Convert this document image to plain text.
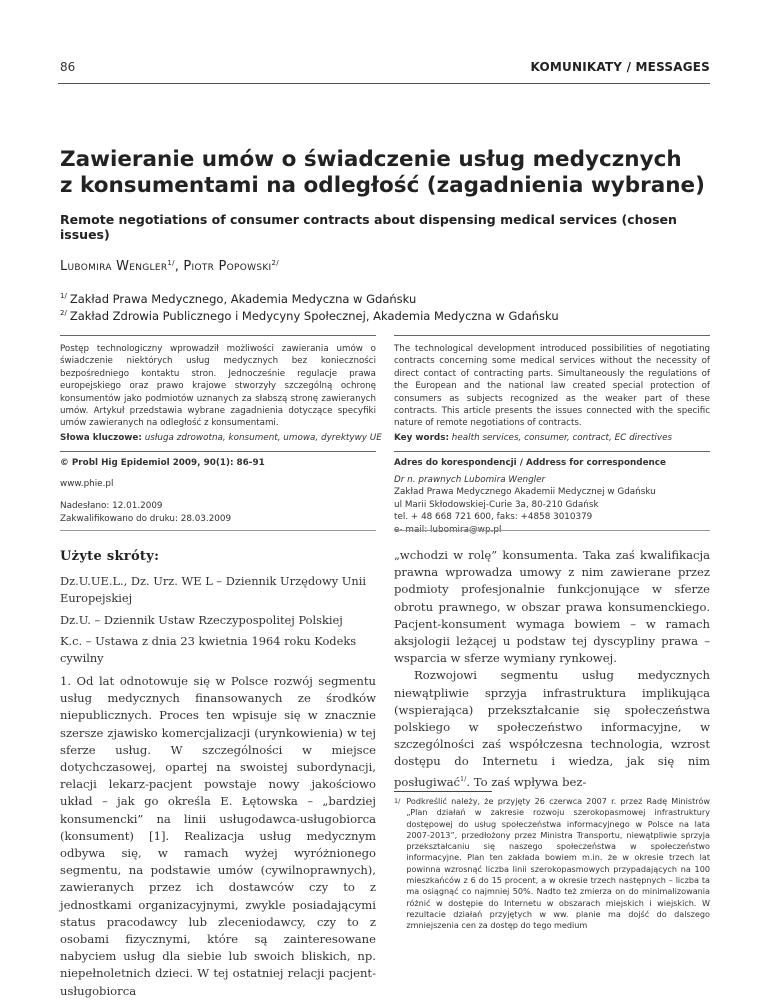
86	KOMUNIKATY / MESSAGES
Zawieranie umów o świadczenie usług medycznych
z konsumentami na odległość (zagadnienia wybrane)
Remote negotiations of consumer contracts about dispensing medical services (chosen issues)
Lubomira Wengler$^{1/}$, Piotr Popowski$^{2/}$
$^{1/}$ Zakład Prawa Medycznego, Akademia Medyczna w Gdańsku
$^{2/}$ Zakład Zdrowia Publicznego i Medycyny Społecznej, Akademia Medyczna w Gdańsku
Postęp technologiczny wprowadził możliwości zawierania umów o świadczenie niektórych usług medycznych bez konieczności bezpośredniego kontaktu stron. Jednocześnie regulacje prawa europejskiego oraz prawo krajowe stworzyły szczególną ochronę konsumentów jako podmiotów uznanych za słabszą stronę zawieranych umów. Artykuł przedstawia wybrane zagadnienia dotyczące specyfiki umów zawieranych na odległość z konsumentami.
The technological development introduced possibilities of negotiating contracts concerning some medical services without the necessity of direct contact of contracting parts. Simultaneously the regulations of the European and the national law created special protection of consumers as subjects recognized as the weaker part of these contracts. This article presents the issues connected with the specific nature of remote negotiations of contracts.
Słowa kluczowe: usługa zdrowotna, konsument, umowa, dyrektywy UE Key words: health services, consumer, contract, EC directives
© Probl Hig Epidemiol 2009, 90(1): 86-91
www.phie.pl
Nadesłano: 12.01.2009
Zakwalifikowano do druku: 28.03.2009
Adres do korespondencji / Address for correspondence
Dr n. prawnych Lubomira Wengler
Zakład Prawa Medycznego Akademii Medycznej w Gdańsku
ul Marii Skłodowskiej-Curie 3a, 80-210 Gdańsk
tel. + 48 668 721 600, faks: +4858 3010379
Użyte skróty:
Dz.U.UE.L., Dz. Urz. WE L – Dziennik Urzędowy Unii Europejskiej
Dz.U. – Dziennik Ustaw Rzeczypospolitej Polskiej
K.c. – Ustawa z dnia 23 kwietnia 1964 roku Kodeks cywilny
1. Od lat odnotowuje się w Polsce rozwój segmentu usług medycznych finansowanych ze środków niepublicznych. Proces ten wpisuje się w znacznie szersze zjawisko komercjalizacji (urynkowienia) w tej sferze usług. W szczególności w miejsce dotychczasowej, opartej na swoistej subordynacji, relacji lekarz-pacjent powstaje nowy jakościowo układ – jak go określa E. Łętowska – „bardziej konsumencki” na linii usługodawca-usługobiorca (konsument) [1]. Realizacja usług medycznym odbywa się, w ramach wyżej wyróżnionego segmentu, na podstawie umów (cywilnoprawnych), zawieranych przez ich dostawców czy to z jednostkami organizacyjnymi, zwykle posiadającymi status pracodawcy lub zleceniodawcy, czy to z osobami fizycznymi, które są zainteresowane nabyciem usług dla siebie lub swoich bliskich, np. niepełnoletnich dzieci. W tej ostatniej relacji pacjent-usługobiorca
„wchodzi w rolę” konsumenta. Taka zaś kwalifikacja prawna wprowadza umowy z nim zawierane przez podmioty profesjonalnie funkcjonujące w sferze obrotu prawnego, w obszar prawa konsumenckiego. Pacjent-konsument wymaga bowiem – w ramach aksjologii leżącej u podstaw tej dyscypliny prawa – wsparcia w sferze wymiany rynkowej.
Rozwojowi segmentu usług medycznych niewątpliwie sprzyja infrastruktura implikująca (wspierająca) przekształcanie się społeczeństwa polskiego w społeczeństwo informacyjne, w szczególności zaś współczesna technologia, wzrost dostępu do Internetu i wiedza, jak się nim posługiwać$^{1/}$. To zaś wpływa bez-
1/ Podkreślić należy, że przyjęty 26 czerwca 2007 r. przez Radę Ministrów „Plan działań w zakresie rozwoju szerokopasmowej infrastruktury dostępowej do usług społeczeństwa informacyjnego w Polsce na lata 2007-2013”, przedłożony przez Ministra Transportu, niewątpliwie sprzyja przekształcaniu się naszego społeczeństwa w społeczeństwo informacyjne. Plan ten zakłada bowiem m.in. że w okresie trzech lat powinna wzrosnąć liczba linii szerokopasmowych przypadających na 100 mieszkańców z 6 do 15 procent, a w okresie trzech następnych – liczba ta ma osiągnąć co najmniej 50%. Nadto też zmierza on do minimalizowania różnić w dostępie do Internetu w obszarach miejskich i wiejskich. W rezultacie działań przyjętych w ww. planie ma dojść do dalszego zmniejszenia cen za dostęp do tego medium
